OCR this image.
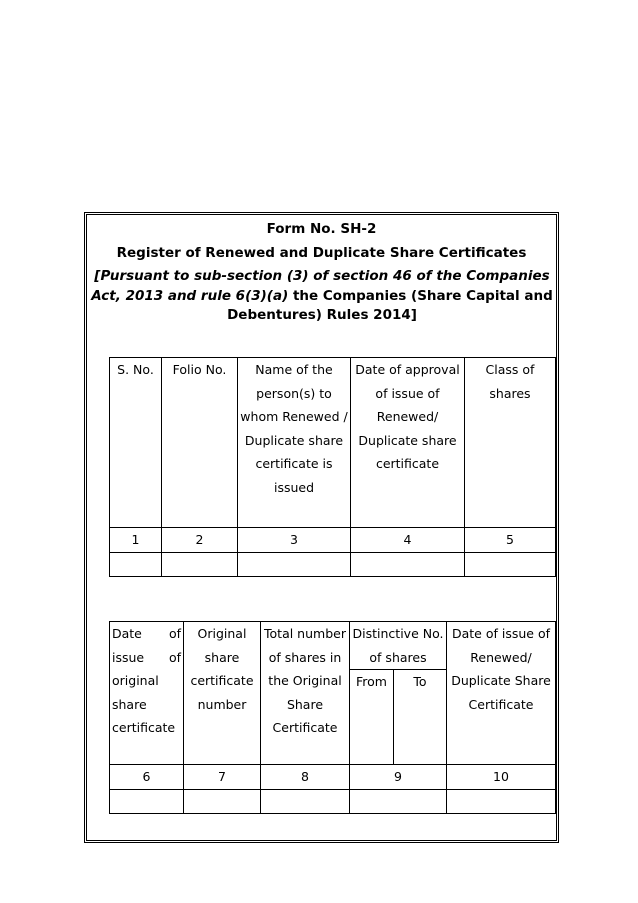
Form No. SH-2
Register of Renewed and Duplicate Share Certificates
[Pursuant to sub-section (3) of section 46 of the Companies Act, 2013 and rule 6(3)(a) the Companies (Share Capital and Debentures) Rules 2014]
S. No.	Folio No.	Name of the person(s) to whom Renewed / Duplicate share certificate is issued	Date of approval of issue of Renewed/ Duplicate share certificate	Class of shares
1	2	3	4	5

Date of
issue of
original share certificate	Original share certificate number	Total number of shares in the Original Share Certificate	Distinctive No. of shares		Date of issue of Renewed/ Duplicate Share Certificate
			From	To	
6	7	8	9		10
